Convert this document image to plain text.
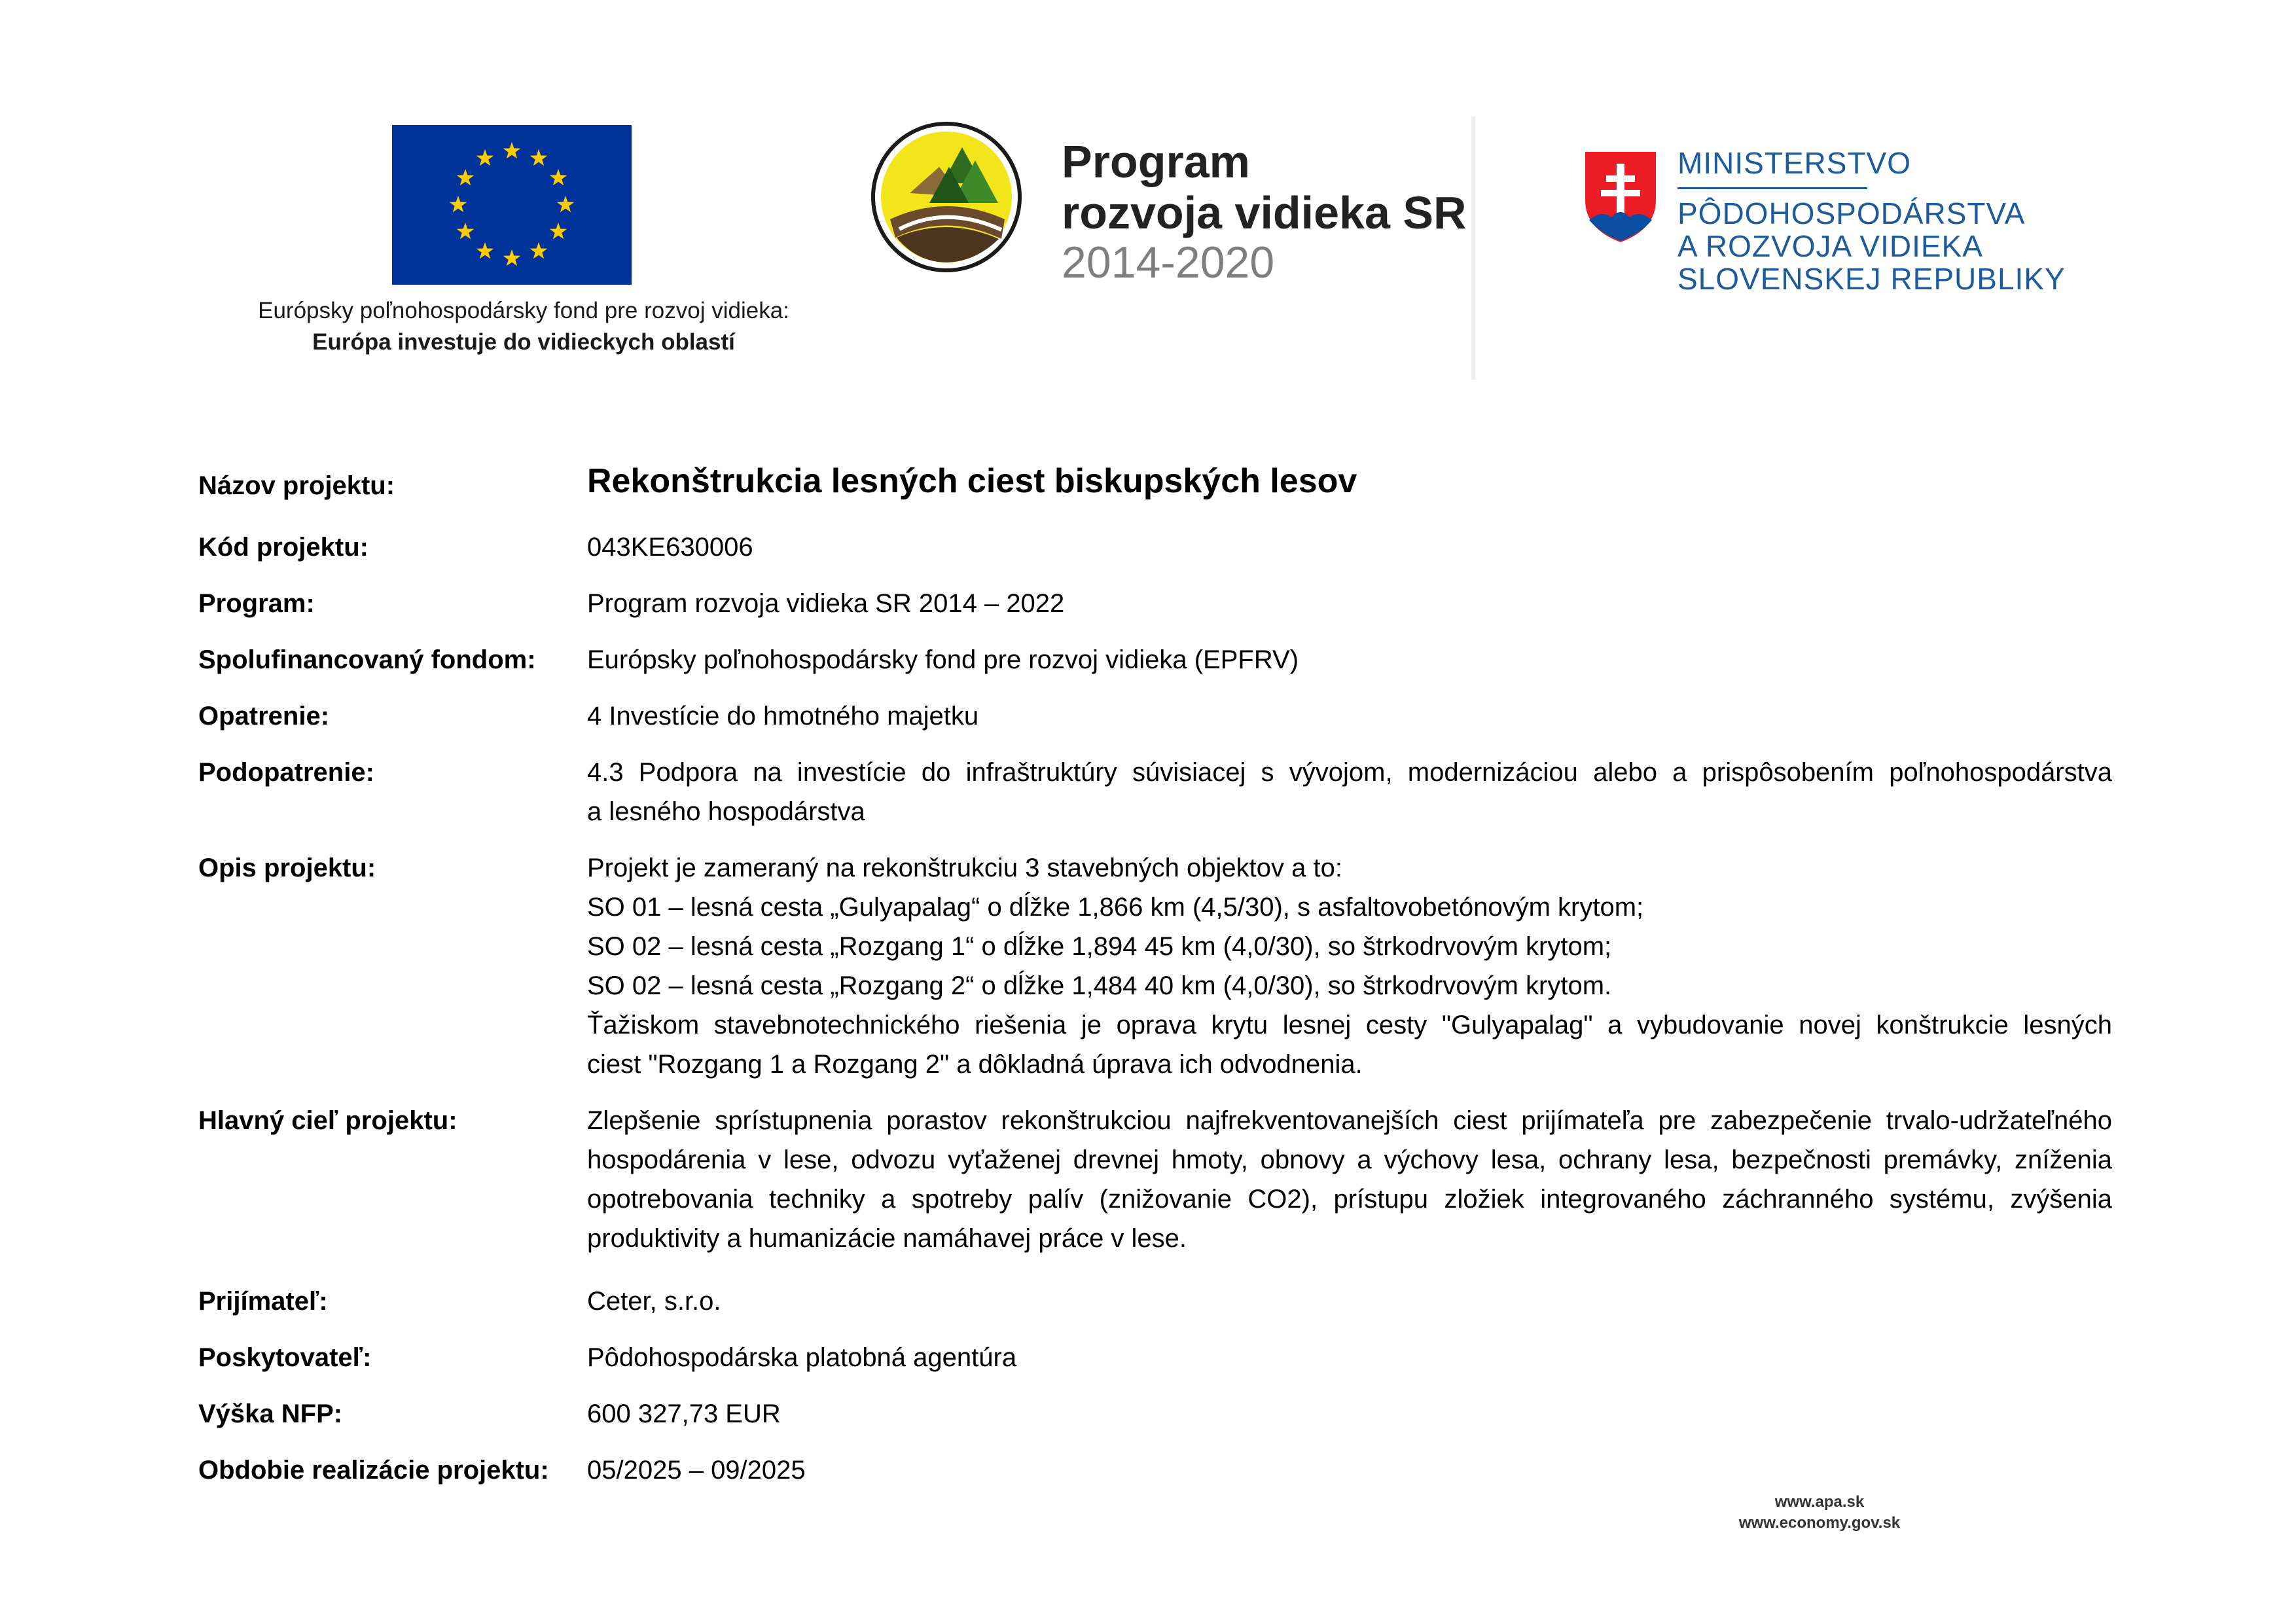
Európsky poľnohospodársky fond pre rozvoj vidieka:
Európa investuje do vidieckych oblastí
Program
rozvoja vidieka SR
2014-2020
MINISTERSTVO
PÔDOHOSPODÁRSTVA
A ROZVOJA VIDIEKA
SLOVENSKEJ REPUBLIKY
Názov projektu:	Rekonštrukcia lesných ciest biskupských lesov
Kód projektu:	043KE630006
Program:	Program rozvoja vidieka SR 2014 – 2022
Spolufinancovaný fondom: Európsky poľnohospodársky fond pre rozvoj vidieka (EPFRV)
Opatrenie:	4 Investície do hmotného majetku
Podopatrenie:	4.3 Podpora na investície do infraštruktúry súvisiacej s vývojom, modernizáciou alebo a prispôsobením poľnohospodárstva
a lesného hospodárstva
Opis projektu:	Projekt je zameraný na rekonštrukciu 3 stavebných objektov a to:
SO 01 – lesná cesta „Gulyapalag“ o dĺžke 1,866 km (4,5/30), s asfaltovobetónovým krytom;
SO 02 – lesná cesta „Rozgang 1“ o dĺžke 1,894 45 km (4,0/30), so štrkodrvovým krytom;
SO 02 – lesná cesta „Rozgang 2“ o dĺžke 1,484 40 km (4,0/30), so štrkodrvovým krytom.
Ťažiskom stavebnotechnického riešenia je oprava krytu lesnej cesty "Gulyapalag" a vybudovanie novej konštrukcie lesných
ciest "Rozgang 1 a Rozgang 2" a dôkladná úprava ich odvodnenia.
Hlavný cieľ projektu:	Zlepšenie sprístupnenia porastov rekonštrukciou najfrekventovanejších ciest prijímateľa pre zabezpečenie trvalo-udržateľného
hospodárenia v lese, odvozu vyťaženej drevnej hmoty, obnovy a výchovy lesa, ochrany lesa, bezpečnosti premávky, zníženia
opotrebovania techniky a spotreby palív (znižovanie CO2), prístupu zložiek integrovaného záchranného systému, zvýšenia
produktivity a humanizácie namáhavej práce v lese.
Prijímateľ:	Ceter, s.r.o.
Poskytovateľ:	Pôdohospodárska platobná agentúra
Výška NFP:	600 327,73 EUR
Obdobie realizácie projektu: 05/2025 – 09/2025
www.apa.sk
www.economy.gov.sk
